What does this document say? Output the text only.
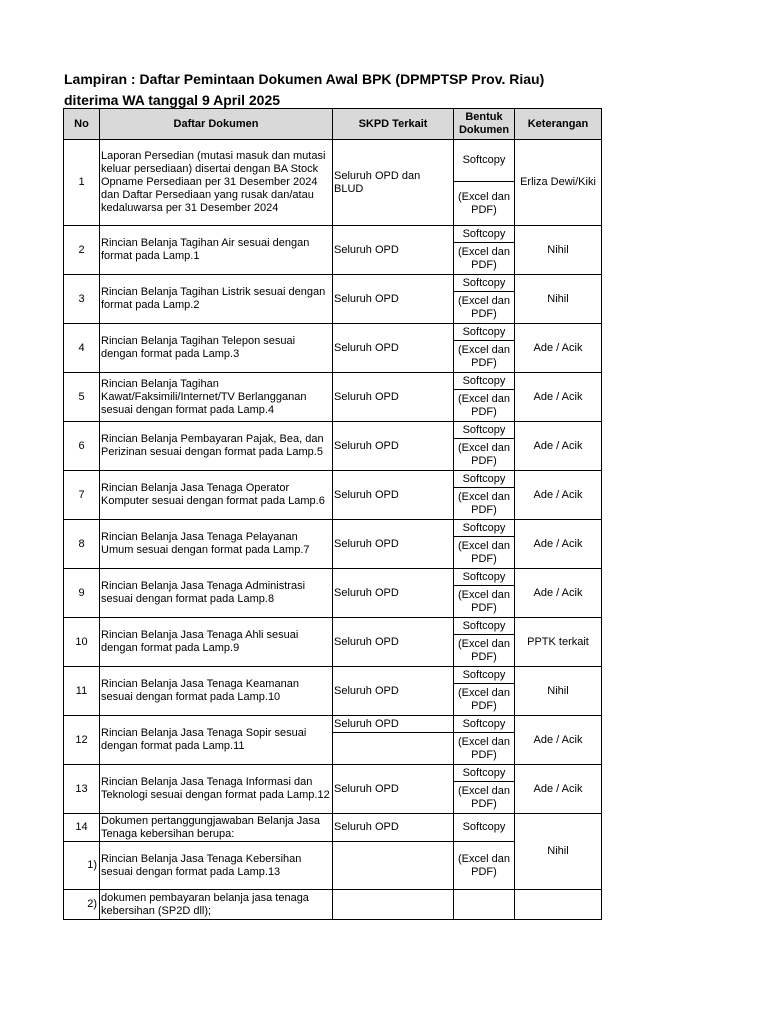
Lampiran : Daftar Pemintaan Dokumen Awal BPK (DPMPTSP Prov. Riau)
diterima WA tanggal 9 April 2025
No	Daftar Dokumen	SKPD Terkait	Bentuk Dokumen	Keterangan
1	Laporan Persedian (mutasi masuk dan mutasi keluar persediaan) disertai dengan BA Stock Opname Persediaan per 31 Desember 2024 dan Daftar Persediaan yang rusak dan/atau kedaluwarsa per 31 Desember 2024	Seluruh OPD dan BLUD	Softcopy	Erliza Dewi/Kiki
			(Excel dan PDF)	
2	Rincian Belanja Tagihan Air sesuai dengan format pada Lamp.1	Seluruh OPD	Softcopy	Nihil
			(Excel dan PDF)	
3	Rincian Belanja Tagihan Listrik sesuai dengan format pada Lamp.2	Seluruh OPD	Softcopy	Nihil
			(Excel dan PDF)	
4	Rincian Belanja Tagihan Telepon sesuai dengan format pada Lamp.3	Seluruh OPD	Softcopy	Ade / Acik
			(Excel dan PDF)	
5	Rincian Belanja Tagihan Kawat/Faksimili/Internet/TV Berlangganan sesuai dengan format pada Lamp.4	Seluruh OPD	Softcopy	Ade / Acik
			(Excel dan PDF)	
6	Rincian Belanja Pembayaran Pajak, Bea, dan Perizinan sesuai dengan format pada Lamp.5	Seluruh OPD	Softcopy	Ade / Acik
			(Excel dan PDF)	
7	Rincian Belanja Jasa Tenaga Operator Komputer sesuai dengan format pada Lamp.6	Seluruh OPD	Softcopy	Ade / Acik
			(Excel dan PDF)	
8	Rincian Belanja Jasa Tenaga Pelayanan Umum sesuai dengan format pada Lamp.7	Seluruh OPD	Softcopy	Ade / Acik
			(Excel dan PDF)	
9	Rincian Belanja Jasa Tenaga Administrasi sesuai dengan format pada Lamp.8	Seluruh OPD	Softcopy	Ade / Acik
			(Excel dan PDF)	
10	Rincian Belanja Jasa Tenaga Ahli sesuai dengan format pada Lamp.9	Seluruh OPD	Softcopy	PPTK terkait
			(Excel dan PDF)	
11	Rincian Belanja Jasa Tenaga Keamanan sesuai dengan format pada Lamp.10	Seluruh OPD	Softcopy	Nihil
			(Excel dan PDF)	
12	Rincian Belanja Jasa Tenaga Sopir sesuai dengan format pada Lamp.11	Seluruh OPD	Softcopy	Ade / Acik
			(Excel dan PDF)	
13	Rincian Belanja Jasa Tenaga Informasi dan Teknologi sesuai dengan format pada Lamp.12	Seluruh OPD	Softcopy	Ade / Acik
			(Excel dan PDF)	
14	Dokumen pertanggungjawaban Belanja Jasa Tenaga kebersihan berupa:	Seluruh OPD	Softcopy	Nihil
1)	Rincian Belanja Jasa Tenaga Kebersihan sesuai dengan format pada Lamp.13		(Excel dan PDF)	
2)	dokumen pembayaran belanja jasa tenaga kebersihan (SP2D dll);			
